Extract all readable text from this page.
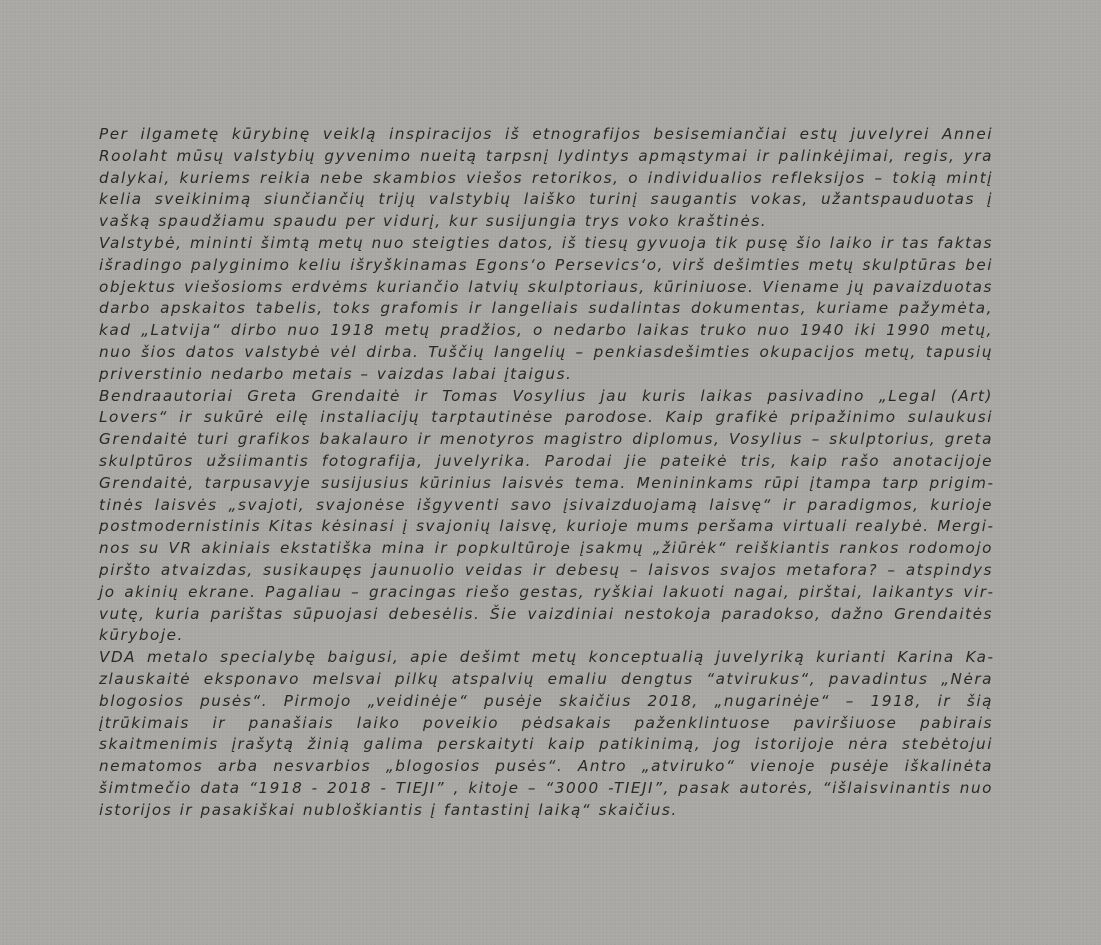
Per ilgametę kūrybinę veiklą inspiracijos iš etnografijos besisemiančiai estų juvelyrei Annei Roolaht mūsų valstybių gyvenimo nueitą tarpsnį lydintys apmąstymai ir palinkėjimai, regis, yra dalykai, kuriems reikia nebe skambios viešos retorikos, o individualios refleksijos – tokią mintį kelia sveikinimą siunčiančių trijų valstybių laiško turinį saugantis vokas, užantspauduotas į vašką spaudžiamu spaudu per vidurį, kur susijungia trys voko kraštinės.

Valstybė, mininti šimtą metų nuo steigties datos, iš tiesų gyvuoja tik pusę šio laiko ir tas faktas išradingo palyginimo keliu išryškinamas Egons‘o Persevics‘o, virš dešimties metų skulptūras bei objektus viešosioms erdvėms kuriančio latvių skulptoriaus, kūriniuose. Viename jų pavaizduotas darbo apskaitos tabelis, toks grafomis ir langeliais sudalintas dokumentas, kuriame pažymėta, kad „Latvija“ dirbo nuo 1918 metų pradžios, o nedarbo laikas truko nuo 1940 iki 1990 metų, nuo šios datos valstybė vėl dirba. Tuščių langelių – penkiasdešimties okupacijos metų, tapusių priverstinio nedarbo metais – vaizdas labai įtaigus.

Bendraautoriai Greta Grendaitė ir Tomas Vosylius jau kuris laikas pasivadino „Legal (Art) Lovers“ ir sukūrė eilę instaliacijų tarptautinėse parodose. Kaip grafikė pripažinimo sulaukusi Grendaitė turi grafikos bakalauro ir menotyros magistro diplomus, Vosylius – skulptorius, greta skulptūros užsiimantis fotografija, juvelyrika. Parodai jie pateikė tris, kaip rašo anotacijoje Grendaitė, tarpusavyje susijusius kūrinius laisvės tema. Menininkams rūpi įtampa tarp prigimtinės laisvės „svajoti, svajonėse išgyventi savo įsivaizduojamą laisvę“ ir paradigmos, kurioje postmodernistinis Kitas kėsinasi į svajonių laisvę, kurioje mums peršama virtuali realybė. Merginos su VR akiniais ekstatiška mina ir popkultūroje įsakmų „žiūrėk“ reiškiantis rankos rodomojo piršto atvaizdas, susikaupęs jaunuolio veidas ir debesų – laisvos svajos metafora? – atspindys jo akinių ekrane. Pagaliau – gracingas riešo gestas, ryškiai lakuoti nagai, pirštai, laikantys virvutę, kuria parištas sūpuojasi debesėlis. Šie vaizdiniai nestokoja paradokso, dažno Grendaitės kūryboje.

VDA metalo specialybę baigusi, apie dešimt metų konceptualią juvelyriką kurianti Karina Kazlauskaitė eksponavo melsvai pilkų atspalvių emaliu dengtus “atvirukus“, pavadintus „Nėra blogosios pusės“. Pirmojo „veidinėje“ pusėje skaičius 2018, „nugarinėje“ – 1918, ir šią įtrūkimais ir panašiais laiko poveikio pėdsakais paženklintuose paviršiuose pabirais skaitmenimis įrašytą žinią galima perskaityti kaip patikinimą, jog istorijoje nėra stebėtojui nematomos arba nesvarbios „blogosios pusės“. Antro „atviruko“ vienoje pusėje iškalinėta šimtmečio data “1918 - 2018 - TIEJI” , kitoje – “3000 -TIEJI”, pasak autorės, “išlaisvinantis nuo istorijos ir pasakiškai nubloškiantis į fantastinį laiką“ skaičius.
